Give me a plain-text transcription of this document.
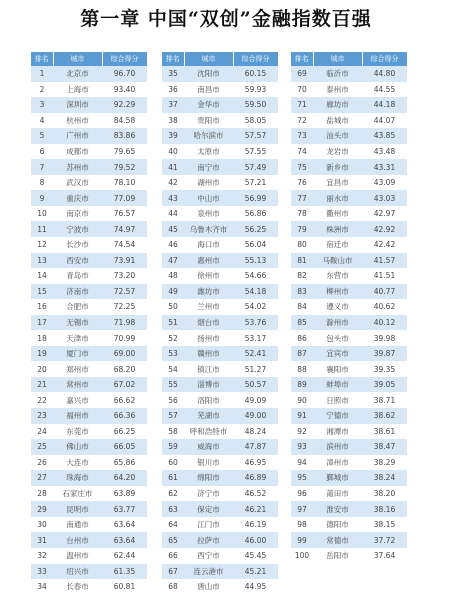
第一章 中国“双创”金融指数百强
排名	城市	综合得分
1	北京市	96.70
2	上海市	93.40
3	深圳市	92.29
4	杭州市	84.58
5	广州市	83.86
6	成都市	79.65
7	苏州市	79.52
8	武汉市	78.10
9	重庆市	77.09
10	南京市	76.57
11	宁波市	74.97
12	长沙市	74.54
13	西安市	73.91
14	青岛市	73.20
15	济南市	72.57
16	合肥市	72.25
17	无锡市	71.98
18	天津市	70.99
19	厦门市	69.00
20	郑州市	68.20
21	常州市	67.02
22	嘉兴市	66.62
23	福州市	66.36
24	东莞市	66.25
25	佛山市	66.05
26	大连市	65.86
27	珠海市	64.20
28	石家庄市	63.89
29	昆明市	63.77
30	南通市	63.64
31	台州市	63.64
32	温州市	62.44
33	绍兴市	61.35
34	长春市	60.81
排名	城市	综合得分
35	沈阳市	60.15
36	南昌市	59.93
37	金华市	59.50
38	贵阳市	58.05
39	哈尔滨市	57.57
40	太原市	57.55
41	南宁市	57.49
42	湖州市	57.21
43	中山市	56.99
44	泉州市	56.86
45	乌鲁木齐市	56.25
46	海口市	56.04
47	惠州市	55.13
48	徐州市	54.66
49	潍坊市	54.18
50	兰州市	54.02
51	烟台市	53.76
52	扬州市	53.17
53	赣州市	52.41
54	镇江市	51.27
55	淄博市	50.57
56	洛阳市	49.09
57	芜湖市	49.00
58	呼和浩特市	48.24
59	威海市	47.87
60	银川市	46.95
61	绵阳市	46.89
62	济宁市	46.52
63	保定市	46.21
64	江门市	46.19
65	拉萨市	46.00
66	西宁市	45.45
67	连云港市	45.21
68	唐山市	44.95
排名	城市	综合得分
69	临沂市	44.80
70	泰州市	44.55
71	廊坊市	44.18
72	盐城市	44.07
73	汕头市	43.85
74	龙岩市	43.48
75	新乡市	43.31
76	宜昌市	43.09
77	丽水市	43.03
78	衢州市	42.97
79	株洲市	42.92
80	宿迁市	42.42
81	马鞍山市	41.57
82	东营市	41.51
83	柳州市	40.77
84	遵义市	40.62
85	滁州市	40.12
86	包头市	39.98
87	宜宾市	39.87
88	襄阳市	39.35
89	蚌埠市	39.05
90	日照市	38.71
91	宁德市	38.62
92	湘潭市	38.61
93	滨州市	38.47
94	漳州市	38.29
95	鄞城市	38.24
96	莆田市	38.20
97	淮安市	38.16
98	德阳市	38.15
99	常德市	37.72
100	岳阳市	37.64
